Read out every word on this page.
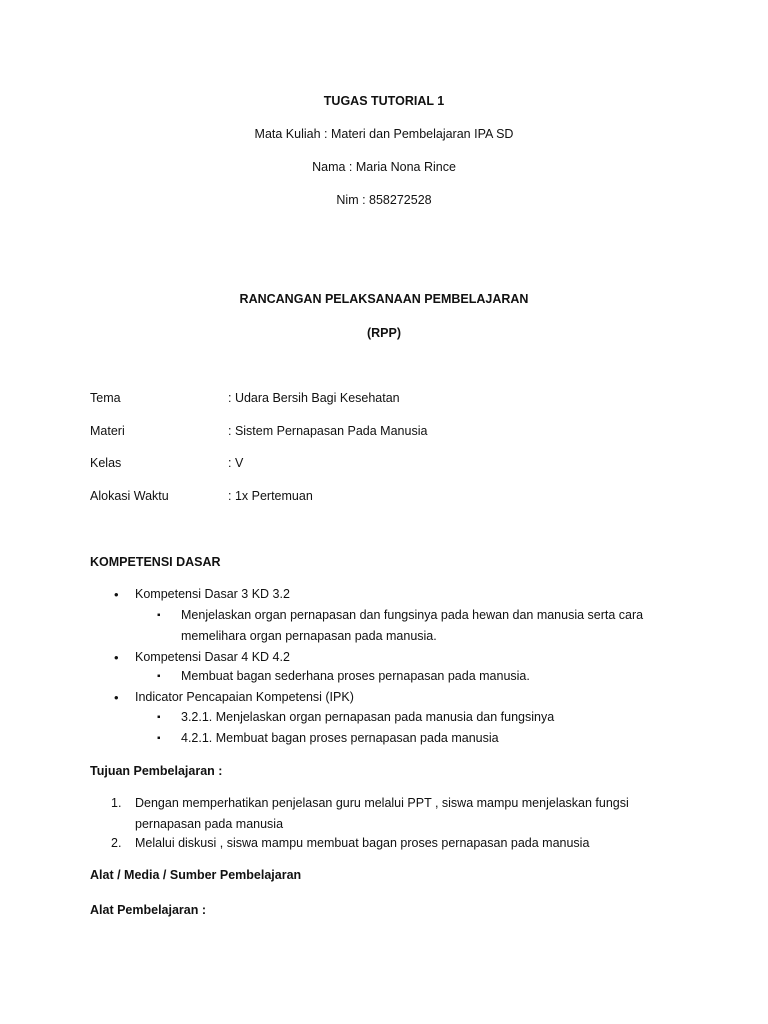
TUGAS TUTORIAL 1
Mata Kuliah : Materi dan Pembelajaran IPA SD
Nama : Maria Nona Rince
Nim : 858272528
RANCANGAN PELAKSANAAN PEMBELAJARAN
(RPP)
Tema	: Udara Bersih Bagi Kesehatan
Materi	: Sistem Pernapasan Pada Manusia
Kelas	: V
Alokasi Waktu	: 1x Pertemuan
KOMPETENSI DASAR
• Kompetensi Dasar 3 KD 3.2
▪ Menjelaskan organ pernapasan dan fungsinya pada hewan dan manusia serta cara
memelihara organ pernapasan pada manusia.
• Kompetensi Dasar 4 KD 4.2
▪ Membuat bagan sederhana proses pernapasan pada manusia.
• Indicator Pencapaian Kompetensi (IPK)
▪ 3.2.1. Menjelaskan organ pernapasan pada manusia dan fungsinya
▪ 4.2.1. Membuat bagan proses pernapasan pada manusia
Tujuan Pembelajaran :
1. Dengan memperhatikan penjelasan guru melalui PPT , siswa mampu menjelaskan fungsi
pernapasan pada manusia
2. Melalui diskusi , siswa mampu membuat bagan proses pernapasan pada manusia
Alat / Media / Sumber Pembelajaran
Alat Pembelajaran :
